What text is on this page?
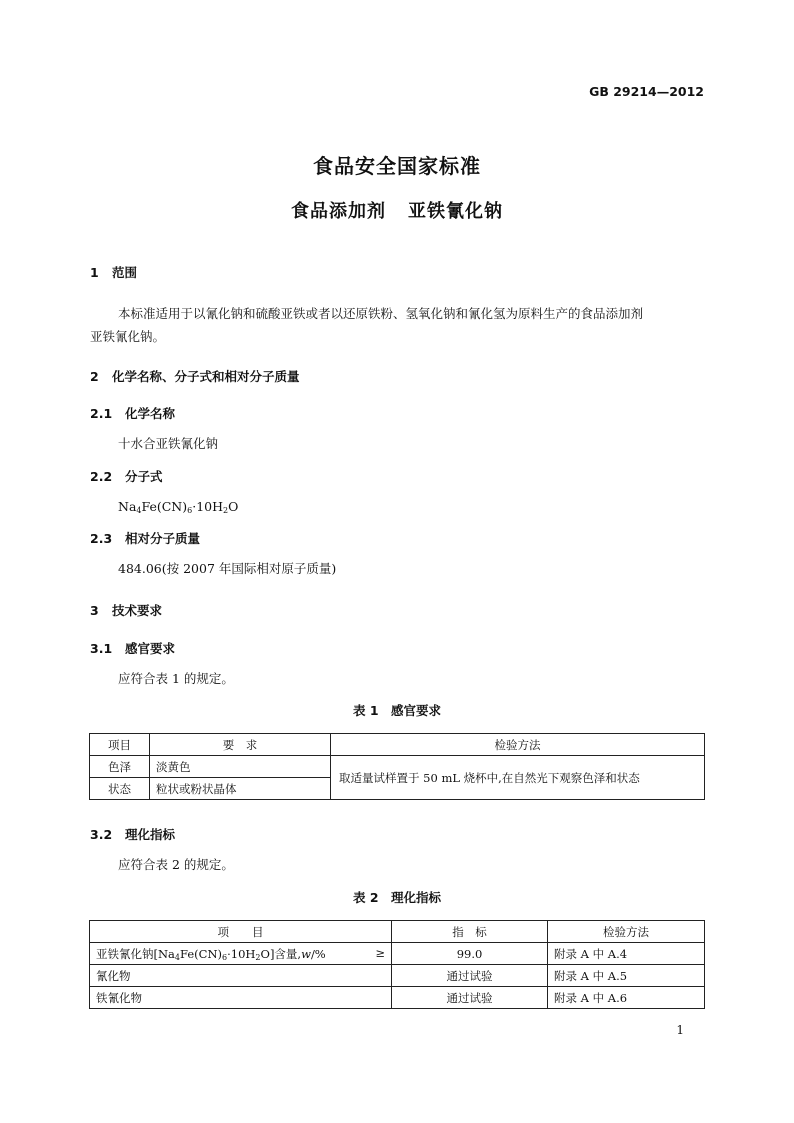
GB 29214—2012
食品安全国家标准
食品添加剂 亚铁氰化钠
1 范围
本标准适用于以氰化钠和硫酸亚铁或者以还原铁粉、氢氧化钠和氰化氢为原料生产的食品添加剂
亚铁氰化钠。
2 化学名称、分子式和相对分子质量
2.1 化学名称
十水合亚铁氰化钠
2.2 分子式
$Na_4Fe(CN)_6\cdot 10H_2O$
2.3 相对分子质量
484.06(按 2007 年国际相对原子质量)
3 技术要求
3.1 感官要求
应符合表 1 的规定。
表 1　感官要求
项目	要　求	检验方法
色泽	淡黄色	取适量试样置于 50 mL 烧杯中,在自然光下观察色泽和状态
状态	粒状或粉状晶体	
3.2 理化指标
应符合表 2 的规定。
表 2　理化指标
项　　目	指　标	检验方法

亚铁氰化钠$[Na_4Fe(CN)_6\cdot 10H_2O]$含量,w/% ≥	99.0	附录 A 中 A.4
氰化物	通过试验	附录 A 中 A.5
铁氰化物	通过试验	附录 A 中 A.6
1
